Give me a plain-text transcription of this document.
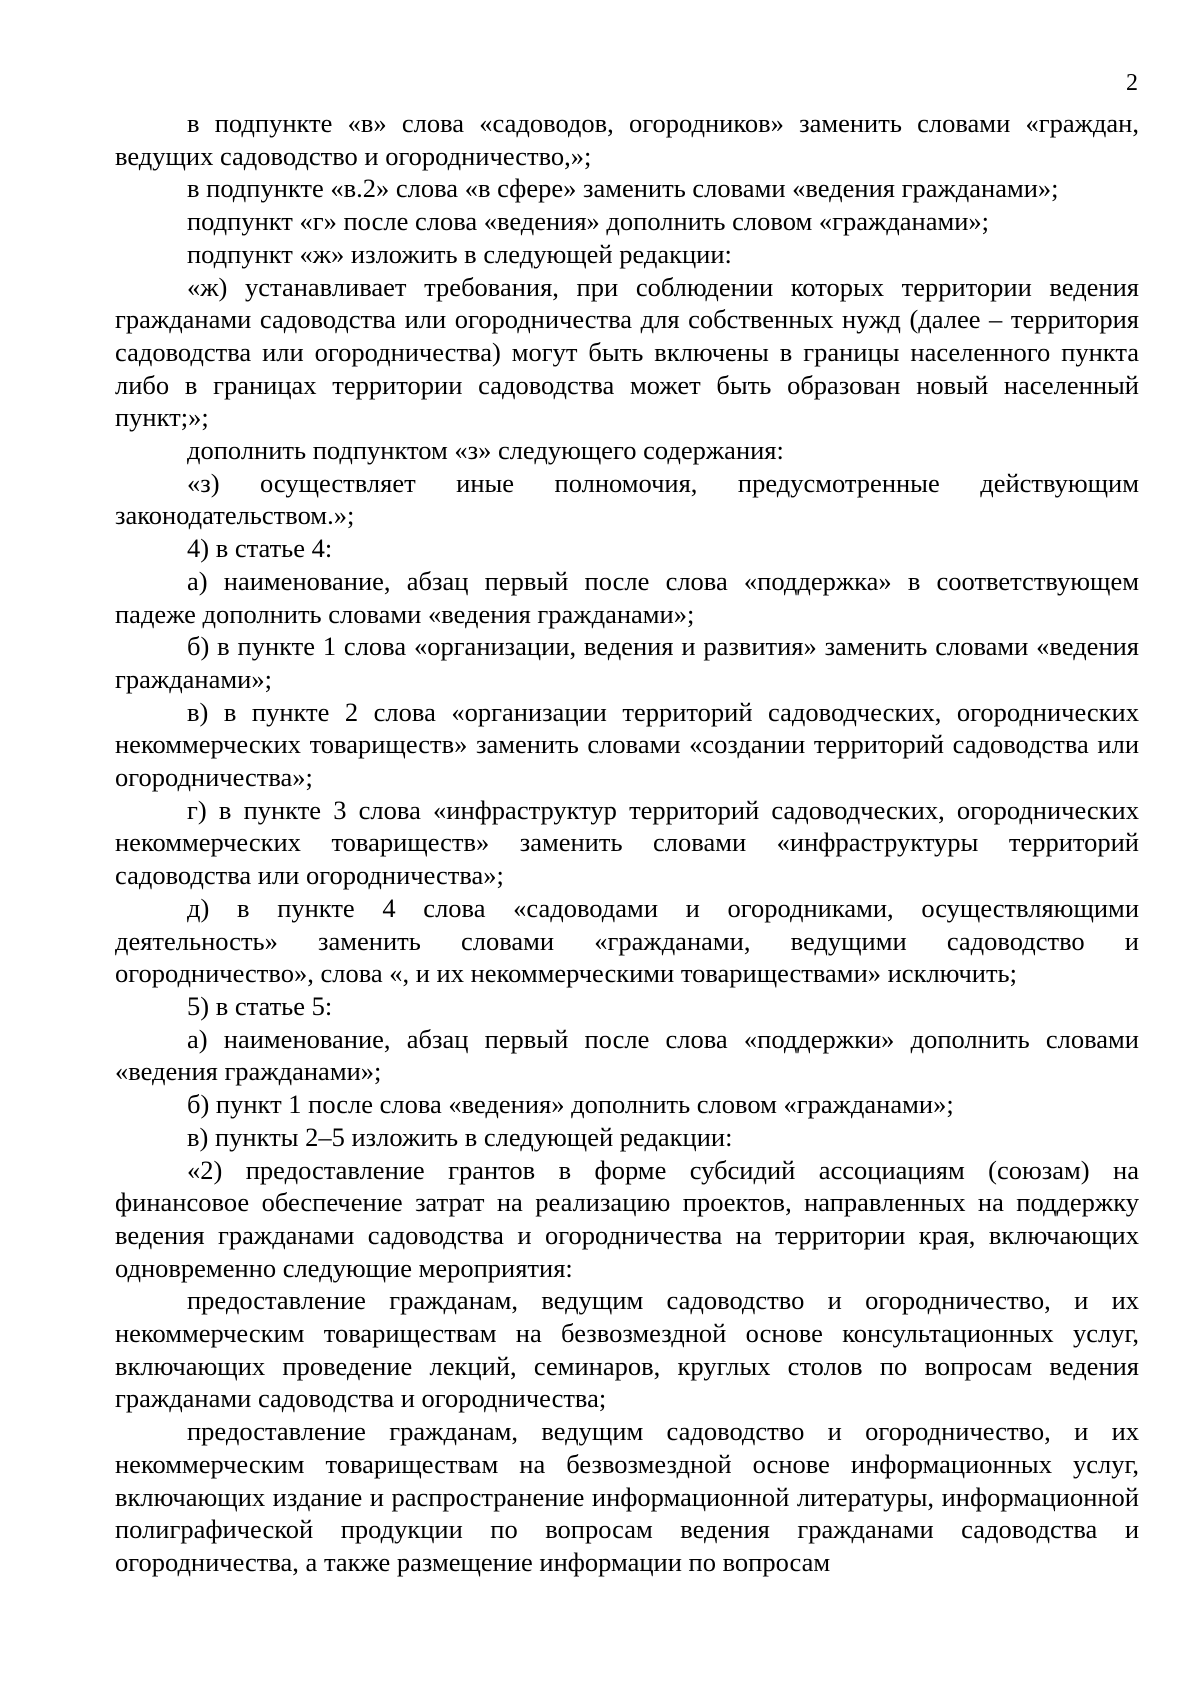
2

в подпункте «в» слова «садоводов, огородников» заменить словами «граждан, ведущих садоводство и огородничество,»;

в подпункте «в.2» слова «в сфере» заменить словами «ведения гражданами»;

подпункт «г» после слова «ведения» дополнить словом «гражданами»;

подпункт «ж» изложить в следующей редакции:

«ж) устанавливает требования, при соблюдении которых территории ведения гражданами садоводства или огородничества для собственных нужд (далее – территория садоводства или огородничества) могут быть включены в границы населенного пункта либо в границах территории садоводства может быть образован новый населенный пункт;»;

дополнить подпунктом «з» следующего содержания:

«з) осуществляет иные полномочия, предусмотренные действующим законодательством.»;

4) в статье 4:

а) наименование, абзац первый после слова «поддержка» в соответствующем падеже дополнить словами «ведения гражданами»;

б) в пункте 1 слова «организации, ведения и развития» заменить словами «ведения гражданами»;

в) в пункте 2 слова «организации территорий садоводческих, огороднических некоммерческих товариществ» заменить словами «создании территорий садоводства или огородничества»;

г) в пункте 3 слова «инфраструктур территорий садоводческих, огороднических некоммерческих товариществ» заменить словами «инфраструктуры территорий садоводства или огородничества»;

д) в пункте 4 слова «садоводами и огородниками, осуществляющими деятельность» заменить словами «гражданами, ведущими садоводство и огородничество», слова «, и их некоммерческими товариществами» исключить;

5) в статье 5:

а) наименование, абзац первый после слова «поддержки» дополнить словами «ведения гражданами»;

б) пункт 1 после слова «ведения» дополнить словом «гражданами»;

в) пункты 2–5 изложить в следующей редакции:

«2) предоставление грантов в форме субсидий ассоциациям (союзам) на финансовое обеспечение затрат на реализацию проектов, направленных на поддержку ведения гражданами садоводства и огородничества на территории края, включающих одновременно следующие мероприятия:

предоставление гражданам, ведущим садоводство и огородничество, и их некоммерческим товариществам на безвозмездной основе консультационных услуг, включающих проведение лекций, семинаров, круглых столов по вопросам ведения гражданами садоводства и огородничества;

предоставление гражданам, ведущим садоводство и огородничество, и их некоммерческим товариществам на безвозмездной основе информационных услуг, включающих издание и распространение информационной литературы, информационной полиграфической продукции по вопросам ведения гражданами садоводства и огородничества, а также размещение информации по вопросам
